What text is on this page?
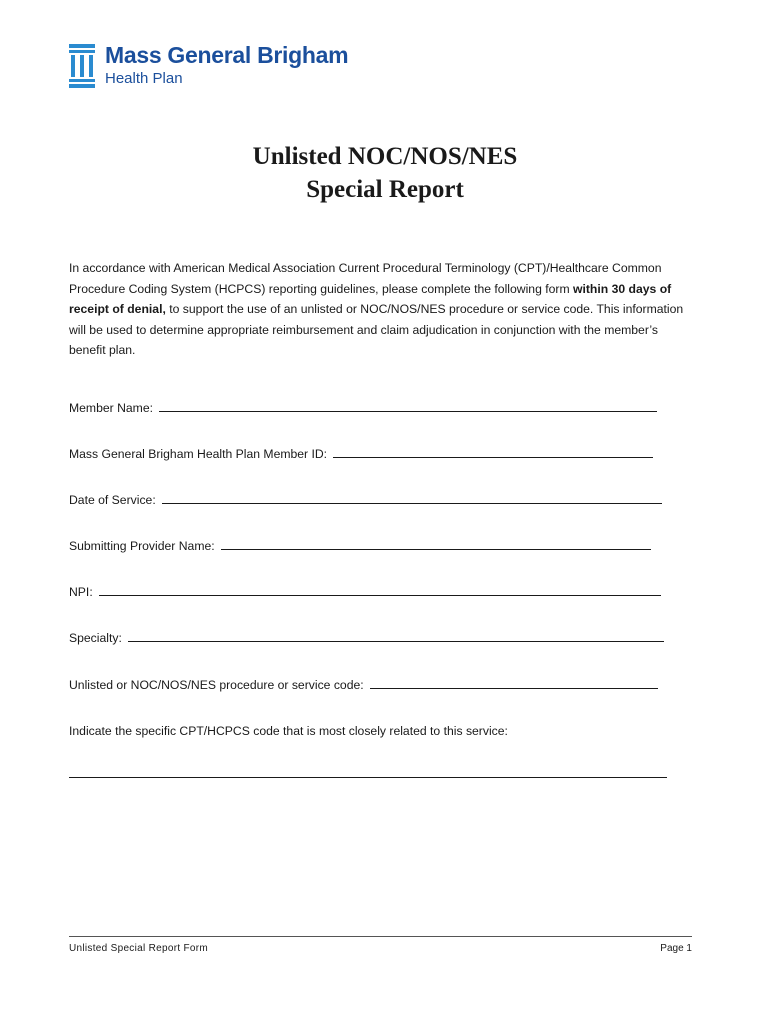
Mass General Brigham
Health Plan
Unlisted NOC/NOS/NES
Special Report
In accordance with American Medical Association Current Procedural Terminology (CPT)/Healthcare Common Procedure Coding System (HCPCS) reporting guidelines, please complete the following form within 30 days of receipt of denial, to support the use of an unlisted or NOC/NOS/NES procedure or service code. This information will be used to determine appropriate reimbursement and claim adjudication in conjunction with the member’s benefit plan.
Member Name:
Mass General Brigham Health Plan Member ID:
Date of Service:
Submitting Provider Name:
NPI:
Specialty:
Unlisted or NOC/NOS/NES procedure or service code:
Indicate the specific CPT/HCPCS code that is most closely related to this service:
Unlisted Special Report Form	Page 1
